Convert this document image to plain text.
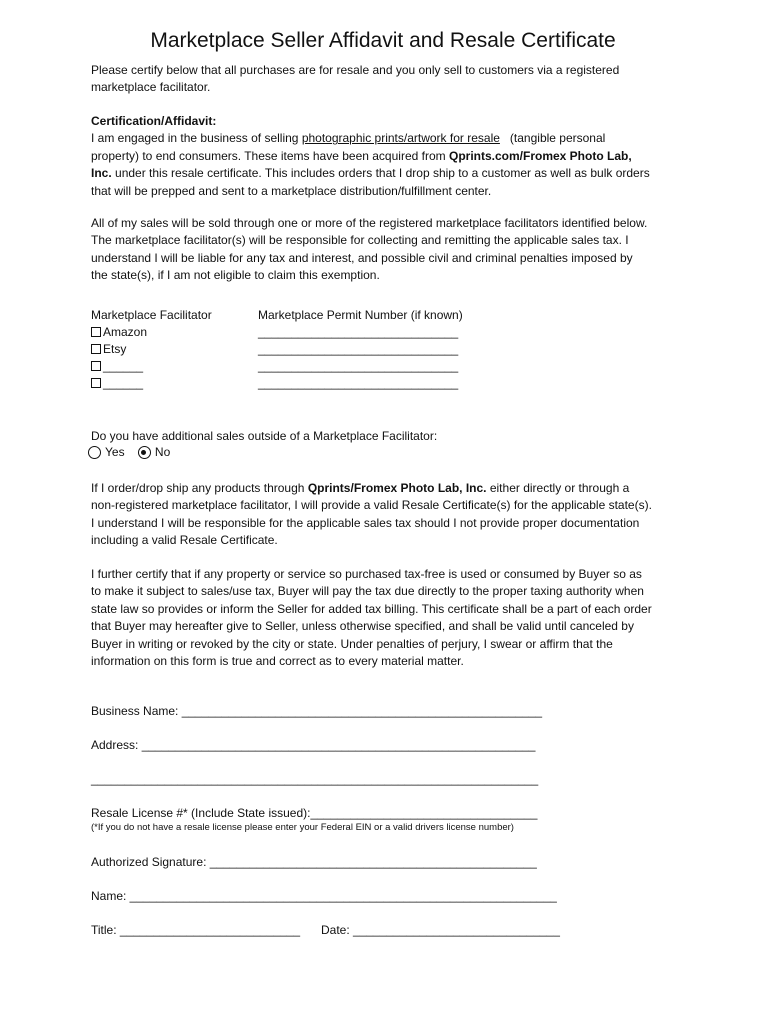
Marketplace Seller Affidavit and Resale Certificate
Please certify below that all purchases are for resale and you only sell to customers via a registered
marketplace facilitator.
Certification/Affidavit:
I am engaged in the business of selling photographic prints/artwork for resale (tangible personal
property) to end consumers. These items have been acquired from Qprints.com/Fromex Photo Lab,
Inc. under this resale certificate. This includes orders that I drop ship to a customer as well as bulk orders
that will be prepped and sent to a marketplace distribution/fulfillment center.
All of my sales will be sold through one or more of the registered marketplace facilitators identified below.
The marketplace facilitator(s) will be responsible for collecting and remitting the applicable sales tax. I
understand I will be liable for any tax and interest, and possible civil and criminal penalties imposed by
the state(s), if I am not eligible to claim this exemption.
Marketplace Facilitator	Marketplace Permit Number (if known)
Amazon	______________________________
Etsy	______________________________
______	______________________________
______	______________________________
Do you have additional sales outside of a Marketplace Facilitator:
Yes	No
If I order/drop ship any products through Qprints/Fromex Photo Lab, Inc. either directly or through a
non-registered marketplace facilitator, I will provide a valid Resale Certificate(s) for the applicable state(s).
I understand I will be responsible for the applicable sales tax should I not provide proper documentation
including a valid Resale Certificate.
I further certify that if any property or service so purchased tax-free is used or consumed by Buyer so as
to make it subject to sales/use tax, Buyer will pay the tax due directly to the proper taxing authority when
state law so provides or inform the Seller for added tax billing. This certificate shall be a part of each order
that Buyer may hereafter give to Seller, unless otherwise specified, and shall be valid until canceled by
Buyer in writing or revoked by the city or state. Under penalties of perjury, I swear or affirm that the
information on this form is true and correct as to every material matter.
Business Name: ______________________________________________________
Address: ___________________________________________________________
___________________________________________________________________
Resale License #* (Include State issued):__________________________________
(*If you do not have a resale license please enter your Federal EIN or a valid drivers license number)
Authorized Signature: _________________________________________________
Name: ________________________________________________________________
Title: ___________________________ Date: _______________________________
